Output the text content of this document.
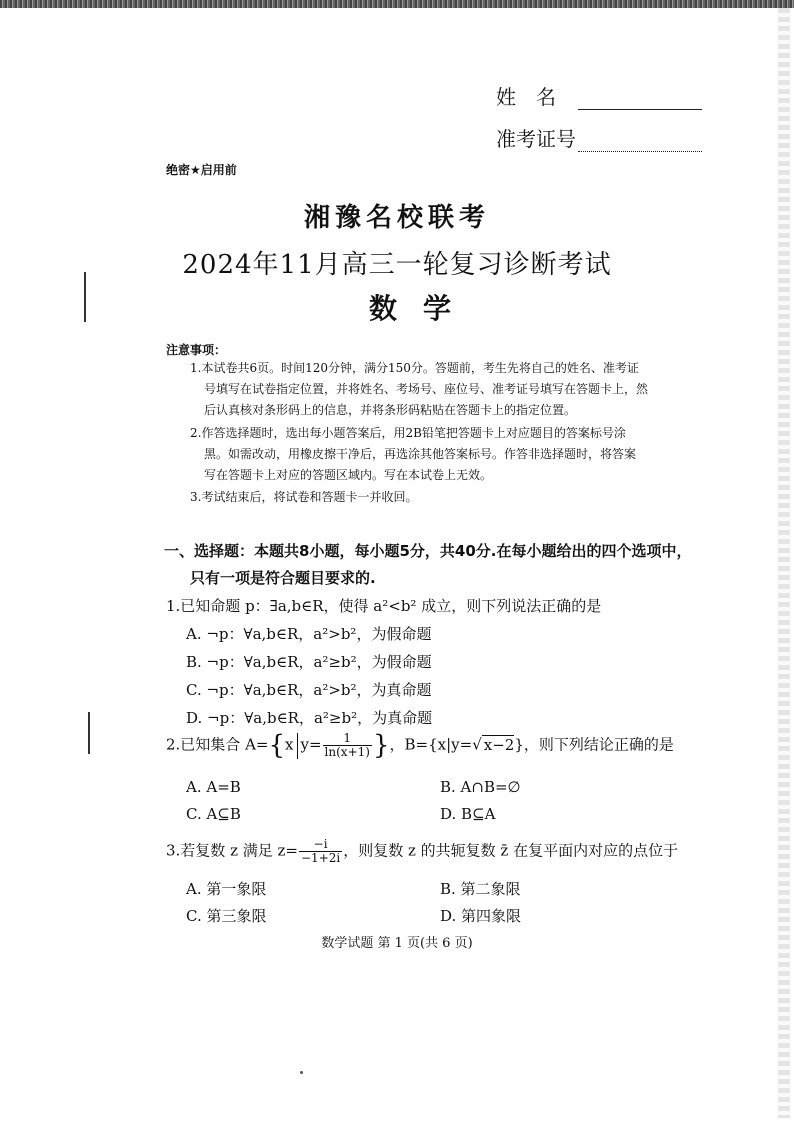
姓　名
准考证号
绝密★启用前
湘豫名校联考
2024年11月高三一轮复习诊断考试
数学
注意事项：
1.本试卷共6页。时间120分钟，满分150分。答题前，考生先将自己的姓名、准考证
号填写在试卷指定位置，并将姓名、考场号、座位号、准考证号填写在答题卡上，然
后认真核对条形码上的信息，并将条形码粘贴在答题卡上的指定位置。
2.作答选择题时，选出每小题答案后，用2B铅笔把答题卡上对应题目的答案标号涂
黑。如需改动，用橡皮擦干净后，再选涂其他答案标号。作答非选择题时，将答案
写在答题卡上对应的答题区域内。写在本试卷上无效。
3.考试结束后，将试卷和答题卡一并收回。
一、选择题：本题共8小题，每小题5分，共40分.在每小题给出的四个选项中，
只有一项是符合题目要求的.
1.已知命题 p：∃a,b∈R，使得 a²<b² 成立，则下列说法正确的是
A. ¬p：∀a,b∈R，a²>b²，为假命题
B. ¬p：∀a,b∈R，a²≥b²，为假命题
C. ¬p：∀a,b∈R，a²>b²，为真命题
D. ¬p：∀a,b∈R，a²≥b²，为真命题
2.已知集合 A={x $y= \frac{1}{\ln(x+1)}$ }，B={x|y=√ x−2}，则下列结论正确的是
A. A=B	B. A∩B=∅
C. A⊆B	D. B⊆A
3.若复数 z 满足 $z= \frac{-i}{-1+2i}$ ，则复数 z 的共轭复数 z̄ 在复平面内对应的点位于
A. 第一象限	B. 第二象限
C. 第三象限	D. 第四象限
数学试题 第 1 页(共 6 页)
